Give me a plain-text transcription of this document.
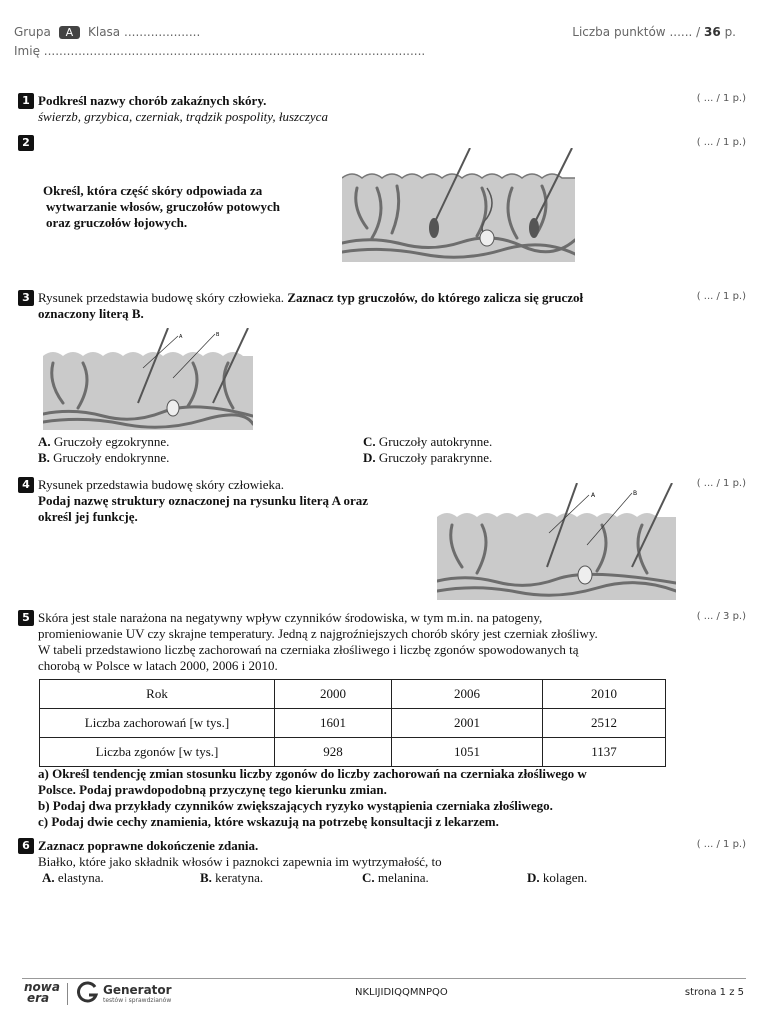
Grupa A Klasa ....................
Imię ....................................................................................................
Liczba punktów ...... / 36 p.
1 Podkreśl nazwy chorób zakaźnych skóry.
świerzb, grzybica, czerniak, trądzik pospolity, łuszczyca
( ... / 1 p.)
2	( ... / 1 p.)
Określ, która część skóry odpowiada za
wytwarzanie włosów, gruczołów potowych
oraz gruczołów łojowych.
3 Rysunek przedstawia budowę skóry człowieka. Zaznacz typ gruczołów, do którego zalicza się gruczoł
oznaczony literą B.
( ... / 1 p.)
A	B
A. Gruczoły egzokrynne.
B. Gruczoły endokrynne.
C. Gruczoły autokrynne.
D. Gruczoły parakrynne.
4 Rysunek przedstawia budowę skóry człowieka.
Podaj nazwę struktury oznaczonej na rysunku literą A oraz
określ jej funkcję.
( ... / 1 p.)
A	B
5 Skóra jest stale narażona na negatywny wpływ czynników środowiska, w tym m.in. na patogeny,
promieniowanie UV czy skrajne temperatury. Jedną z najgroźniejszych chorób skóry jest czerniak złośliwy.
W tabeli przedstawiono liczbę zachorowań na czerniaka złośliwego i liczbę zgonów spowodowanych tą
chorobą w Polsce w latach 2000, 2006 i 2010.
( ... / 3 p.)
Rok	2000	2006	2010
Liczba zachorowań [w tys.]	1601	2001	2512
Liczba zgonów [w tys.]	928	1051	1137
a) Określ tendencję zmian stosunku liczby zgonów do liczby zachorowań na czerniaka złośliwego w
Polsce. Podaj prawdopodobną przyczynę tego kierunku zmian.
b) Podaj dwa przykłady czynników zwiększających ryzyko wystąpienia czerniaka złośliwego.
c) Podaj dwie cechy znamienia, które wskazują na potrzebę konsultacji z lekarzem.
6 Zaznacz poprawne dokończenie zdania.
Białko, które jako składnik włosów i paznokci zapewnia im wytrzymałość, to
( ... / 1 p.)
A. elastyna.	B. keratyna.	C. melanina.	D. kolagen.
nowa
era
Generator
testów i sprawdzianów
NKLIJIDIQQMNPQO	strona 1 z 5
